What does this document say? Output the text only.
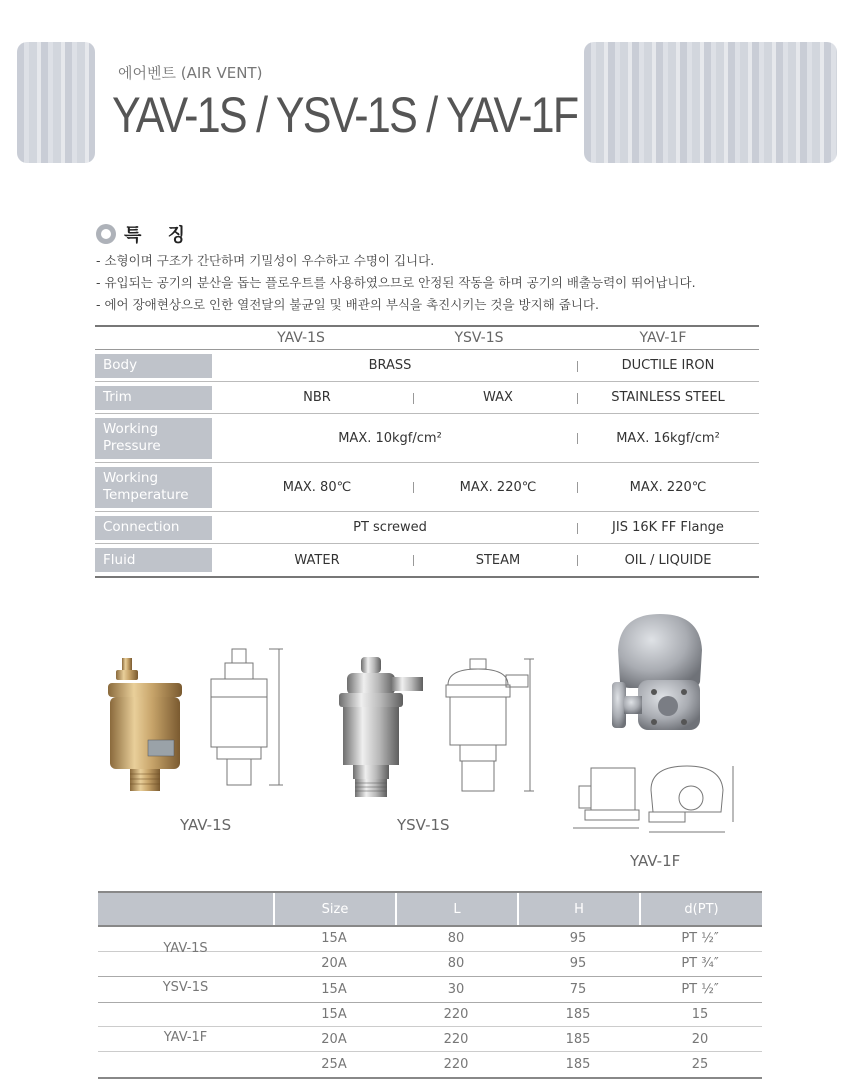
에어벤트 (AIR VENT)
YAV-1S / YSV-1S / YAV-1F
특 징
- 소형이며 구조가 간단하며 기밀성이 우수하고 수명이 깁니다.
- 유입되는 공기의 분산을 돕는 플로우트를 사용하였으므로 안정된 작동을 하며 공기의 배출능력이 뛰어납니다.
- 에어 장애현상으로 인한 열전달의 불균일 및 배관의 부식을 촉진시키는 것을 방지해 줍니다.
YAV-1S	YSV-1S	YAV-1F
Body	BRASS	DUCTILE IRON
Trim	NBR	WAX	STAINLESS STEEL
Working
Pressure	MAX. 10kgf/cm²	MAX. 16kgf/cm²
Working
Temperature	MAX. 80℃	MAX. 220℃	MAX. 220℃
Connection	PT screwed	JIS 16K FF Flange
Fluid	WATER	STEAM	OIL / LIQUIDE
YAV-1S	YSV-1S
YAV-1F
Size	L	H	d(PT)
YAV-1S
15A	80	95	PT ½″
20A	80	95	PT ¾″
YSV-1S	15A	30	75	PT ½″
YAV-1F
15A	220	185	15
20A	220	185	20
25A	220	185	25
